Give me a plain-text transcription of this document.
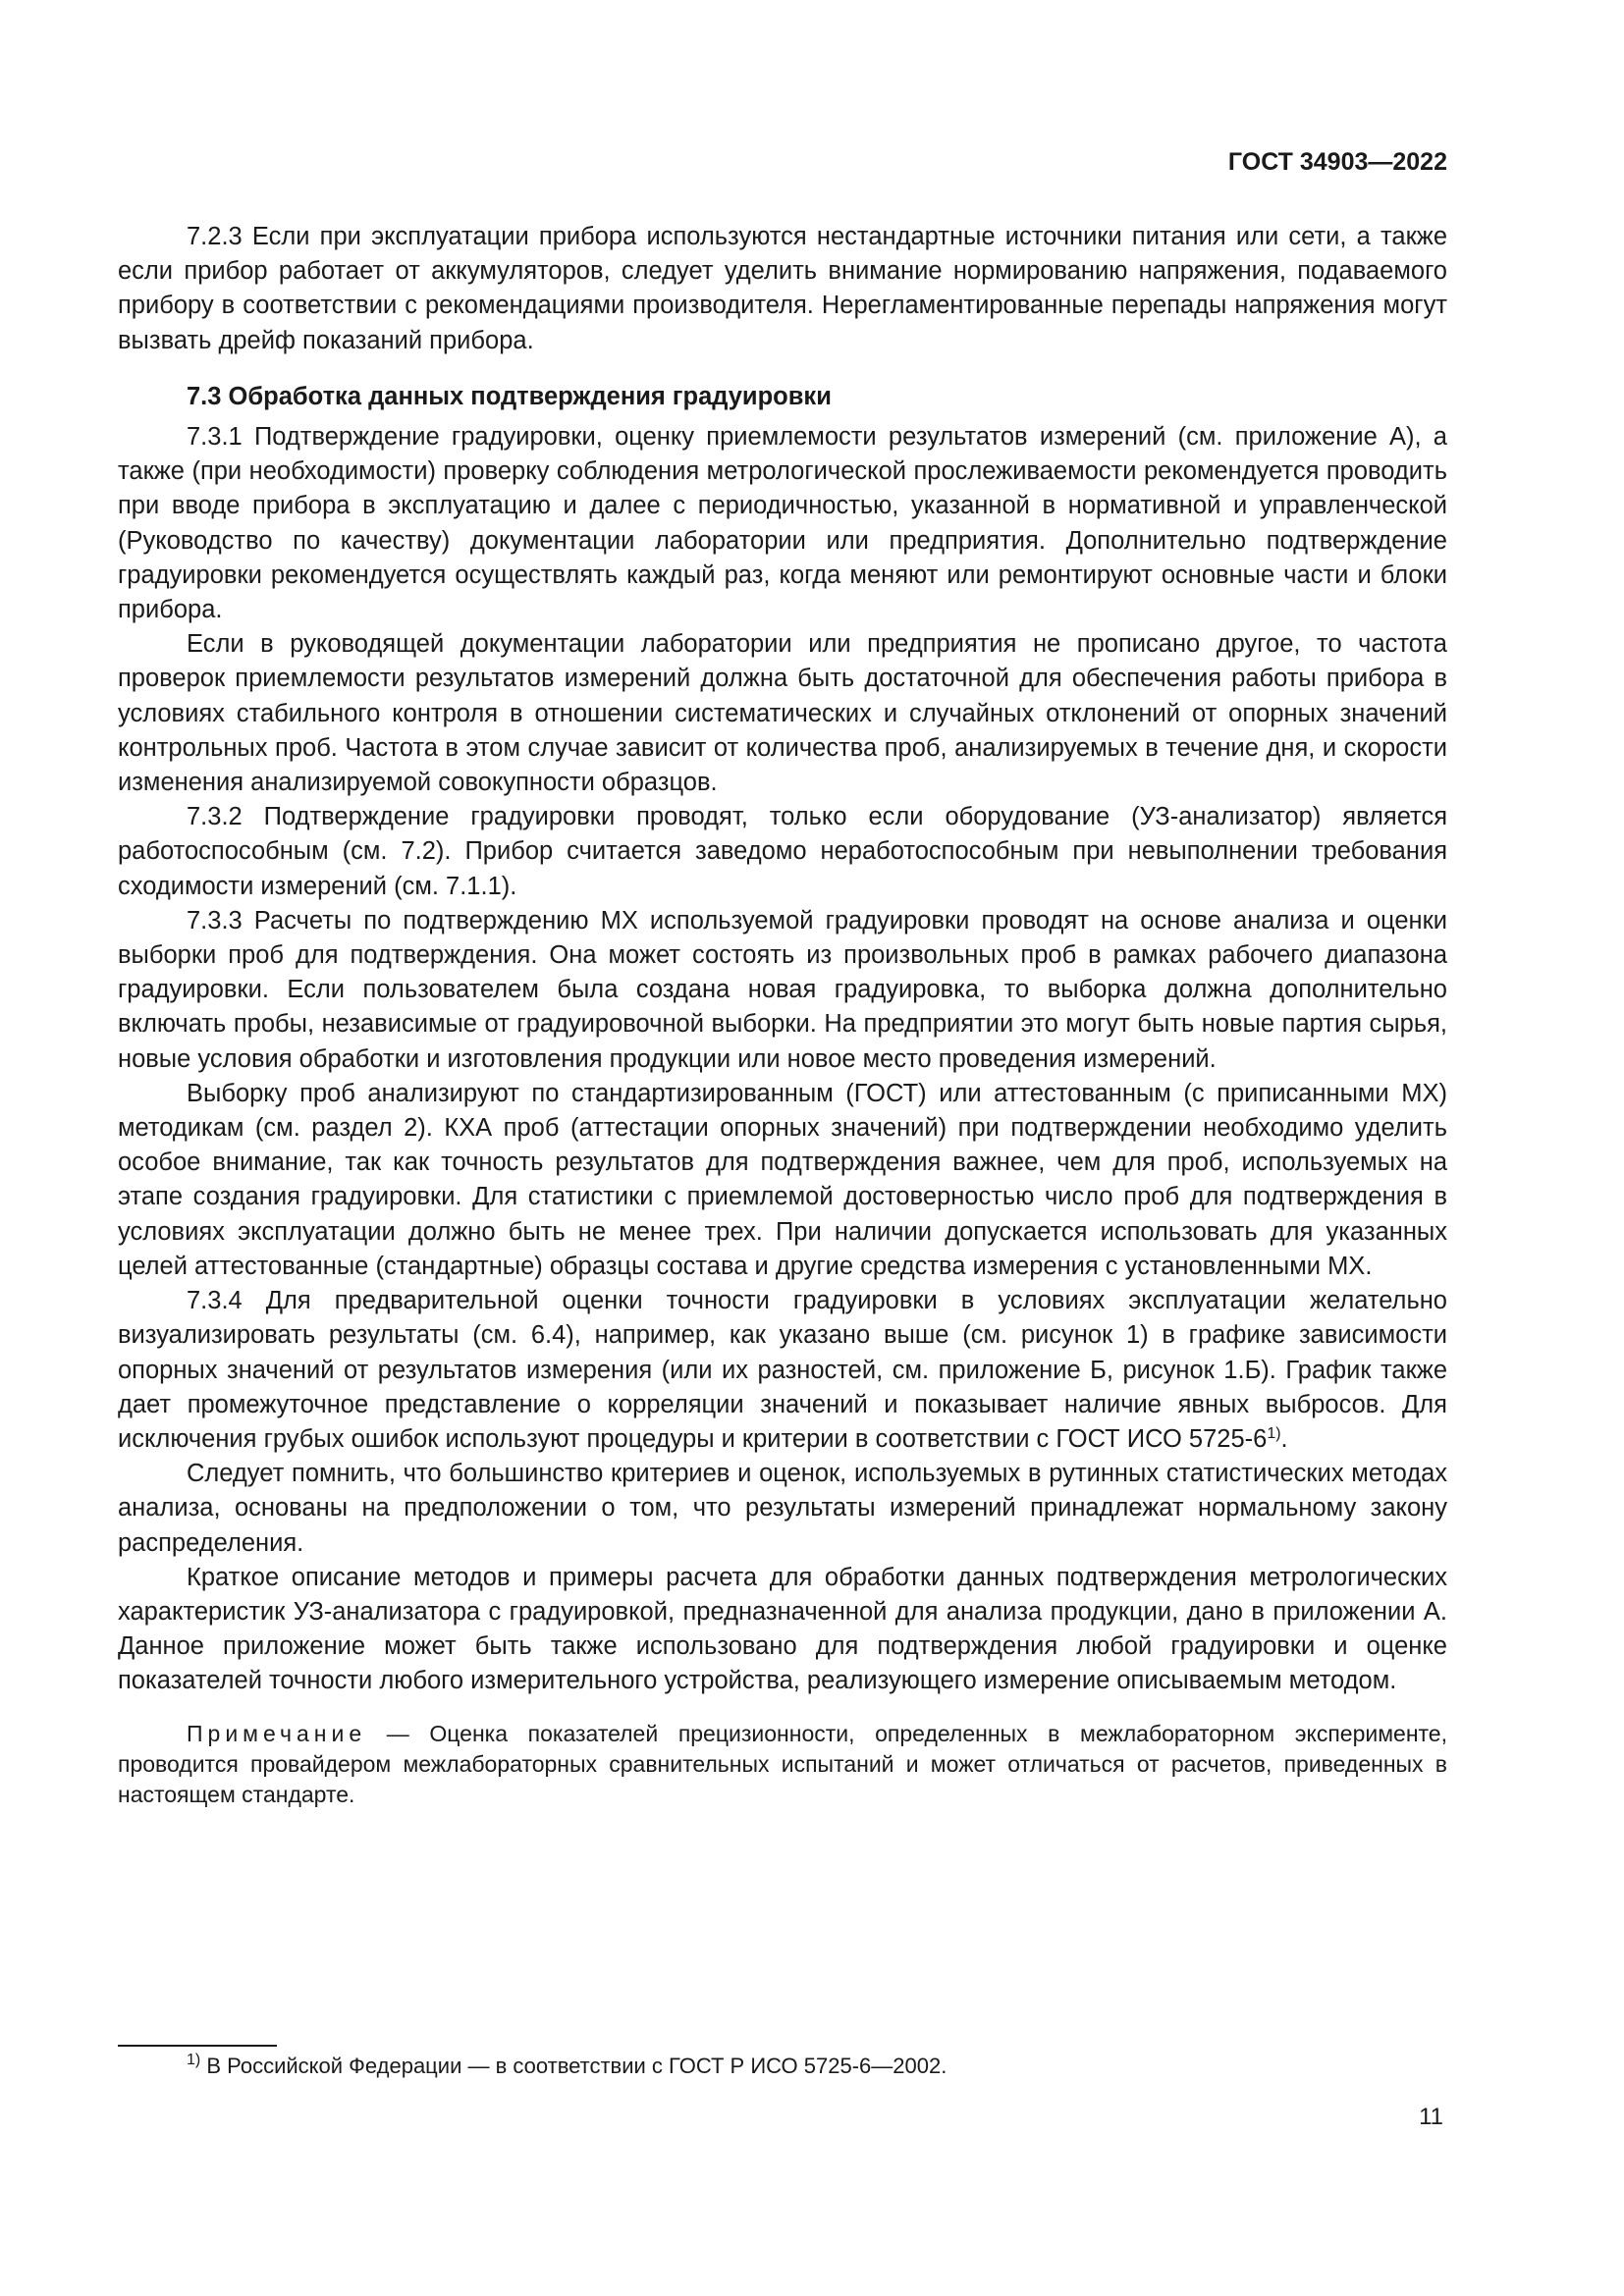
ГОСТ 34903—2022

7.2.3 Если при эксплуатации прибора используются нестандартные источники питания или сети, а также если прибор работает от аккумуляторов, следует уделить внимание нормированию напряжения, подаваемого прибору в соответствии с рекомендациями производителя. Нерегламентированные перепады напряжения могут вызвать дрейф показаний прибора.

7.3 Обработка данных подтверждения градуировки

7.3.1 Подтверждение градуировки, оценку приемлемости результатов измерений (см. приложение А), а также (при необходимости) проверку соблюдения метрологической прослеживаемости рекомендуется проводить при вводе прибора в эксплуатацию и далее с периодичностью, указанной в нормативной и управленческой (Руководство по качеству) документации лаборатории или предприятия. Дополнительно подтверждение градуировки рекомендуется осуществлять каждый раз, когда меняют или ремонтируют основные части и блоки прибора.

Если в руководящей документации лаборатории или предприятия не прописано другое, то частота проверок приемлемости результатов измерений должна быть достаточной для обеспечения работы прибора в условиях стабильного контроля в отношении систематических и случайных отклонений от опорных значений контрольных проб. Частота в этом случае зависит от количества проб, анализируемых в течение дня, и скорости изменения анализируемой совокупности образцов.

7.3.2 Подтверждение градуировки проводят, только если оборудование (УЗ-анализатор) является работоспособным (см. 7.2). Прибор считается заведомо неработоспособным при невыполнении требования сходимости измерений (см. 7.1.1).

7.3.3 Расчеты по подтверждению МХ используемой градуировки проводят на основе анализа и оценки выборки проб для подтверждения. Она может состоять из произвольных проб в рамках рабочего диапазона градуировки. Если пользователем была создана новая градуировка, то выборка должна дополнительно включать пробы, независимые от градуировочной выборки. На предприятии это могут быть новые партия сырья, новые условия обработки и изготовления продукции или новое место проведения измерений.

Выборку проб анализируют по стандартизированным (ГОСТ) или аттестованным (с приписанными МХ) методикам (см. раздел 2). КХА проб (аттестации опорных значений) при подтверждении необходимо уделить особое внимание, так как точность результатов для подтверждения важнее, чем для проб, используемых на этапе создания градуировки. Для статистики с приемлемой достоверностью число проб для подтверждения в условиях эксплуатации должно быть не менее трех. При наличии допускается использовать для указанных целей аттестованные (стандартные) образцы состава и другие средства измерения с установленными МХ.

7.3.4 Для предварительной оценки точности градуировки в условиях эксплуатации желательно визуализировать результаты (см. 6.4), например, как указано выше (см. рисунок 1) в графике зависимости опорных значений от результатов измерения (или их разностей, см. приложение Б, рисунок 1.Б). График также дает промежуточное представление о корреляции значений и показывает наличие явных выбросов. Для исключения грубых ошибок используют процедуры и критерии в соответствии с ГОСТ ИСО 5725-6$^{1)}$.

Следует помнить, что большинство критериев и оценок, используемых в рутинных статистических методах анализа, основаны на предположении о том, что результаты измерений принадлежат нормальному закону распределения.

Краткое описание методов и примеры расчета для обработки данных подтверждения метрологических характеристик УЗ-анализатора с градуировкой, предназначенной для анализа продукции, дано в приложении А. Данное приложение может быть также использовано для подтверждения любой градуировки и оценке показателей точности любого измерительного устройства, реализующего измерение описываемым методом.

Примечание — Оценка показателей прецизионности, определенных в межлабораторном эксперименте, проводится провайдером межлабораторных сравнительных испытаний и может отличаться от расчетов, приведенных в настоящем стандарте.

$^{1)}$ В Российской Федерации — в соответствии с ГОСТ Р ИСО 5725-6—2002.
11
